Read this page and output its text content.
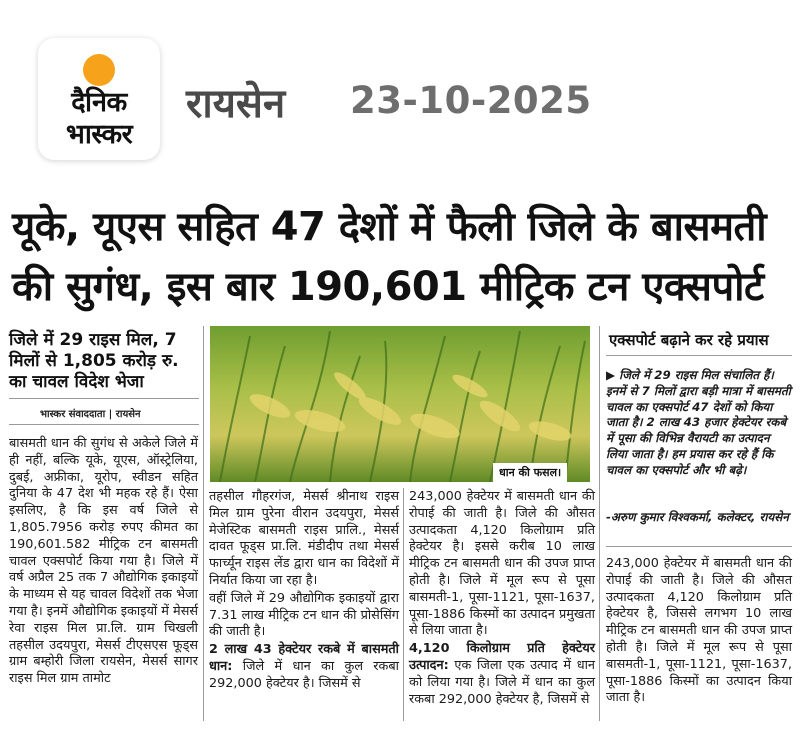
दैनिक
भास्कर
रायसेन 23-10-2025
यूके, यूएस सहित 47 देशों में फैली जिले के बासमती
की सुगंध, इस बार 190,601 मीट्रिक टन एक्सपोर्ट
जिले में 29 राइस मिल, 7 मिलों से 1,805 करोड़ रु. का चावल विदेश भेजा
भास्कर संवाददाता | रायसेन

बासमती धान की सुगंध से अकेले जिले में ही नहीं, बल्कि यूके, यूएस, ऑस्ट्रेलिया, दुबई, अफ्रीका, यूरोप, स्वीडन सहित दुनिया के 47 देश भी महक रहे हैं। ऐसा इसलिए, है कि इस वर्ष जिले से 1,805.7956 करोड़ रुपए कीमत का 190,601.582 मीट्रिक टन बासमती चावल एक्सपोर्ट किया गया है। जिले में वर्ष अप्रैल 25 तक 7 औद्योगिक इकाइयों के माध्यम से यह चावल विदेशों तक भेजा गया है। इनमें औद्योगिक इकाइयों में मेसर्स रेवा राइस मिल प्रा.लि. ग्राम चिखली तहसील उदयपुरा, मेसर्स टीएसएस फूड्स ग्राम बम्होरी जिला रायसेन, मेसर्स सागर राइस मिल ग्राम तामोट

धान की फसल।

तहसील गौहरगंज, मेसर्स श्रीनाथ राइस मिल ग्राम पुरेना वीरान उदयपुरा, मेसर्स मेजेस्टिक बासमती राइस प्रालि., मेसर्स दावत फूड्स प्रा.लि. मंडीदीप तथा मेसर्स फार्च्यून राइस लेंड द्वारा धान का विदेशों में निर्यात किया जा रहा है।

वहीं जिले में 29 औद्योगिक इकाइयों द्वारा 7.31 लाख मीट्रिक टन धान की प्रोसेसिंग की जाती है।

2 लाख 43 हेक्टेयर रकबे में बासमती धान: जिले में धान का कुल रकबा 292,000 हेक्टेयर है। जिसमें से

243,000 हेक्टेयर में बासमती धान की रोपाई की जाती है। जिले की औसत उत्पादकता 4,120 किलोग्राम प्रति हेक्टेयर है। इससे करीब 10 लाख मीट्रिक टन बासमती धान की उपज प्राप्त होती है। जिले में मूल रूप से पूसा बासमती-1, पूसा-1121, पूसा-1637, पूसा-1886 किस्मों का उत्पादन प्रमुखता से लिया जाता है।

4,120 किलोग्राम प्रति हेक्टेयर उत्पादन: एक जिला एक उत्पाद में धान को लिया गया है। जिले में धान का कुल रकबा 292,000 हेक्टेयर है, जिसमें से

एक्सपोर्ट बढ़ाने कर रहे प्रयास
▶ जिले में 29 राइस मिल संचालित हैं। इनमें से 7 मिलों द्वारा बड़ी मात्रा में बासमती चावल का एक्सपोर्ट 47 देशों को किया जाता है। 2 लाख 43 हजार हेक्टेयर रकबे में पूसा की विभिन्न वैरायटी का उत्पादन लिया जाता है। हम प्रयास कर रहे हैं कि चावल का एक्सपोर्ट और भी बढ़े।
-अरुण कुमार विश्वकर्मा, कलेक्टर, रायसेन

243,000 हेक्टेयर में बासमती धान की रोपाई की जाती है। जिले की औसत उत्पादकता 4,120 किलोग्राम प्रति हेक्टेयर है, जिससे लगभग 10 लाख मीट्रिक टन बासमती धान की उपज प्राप्त होती है। जिले में मूल रूप से पूसा बासमती-1, पूसा-1121, पूसा-1637, पूसा-1886 किस्मों का उत्पादन किया जाता है।
